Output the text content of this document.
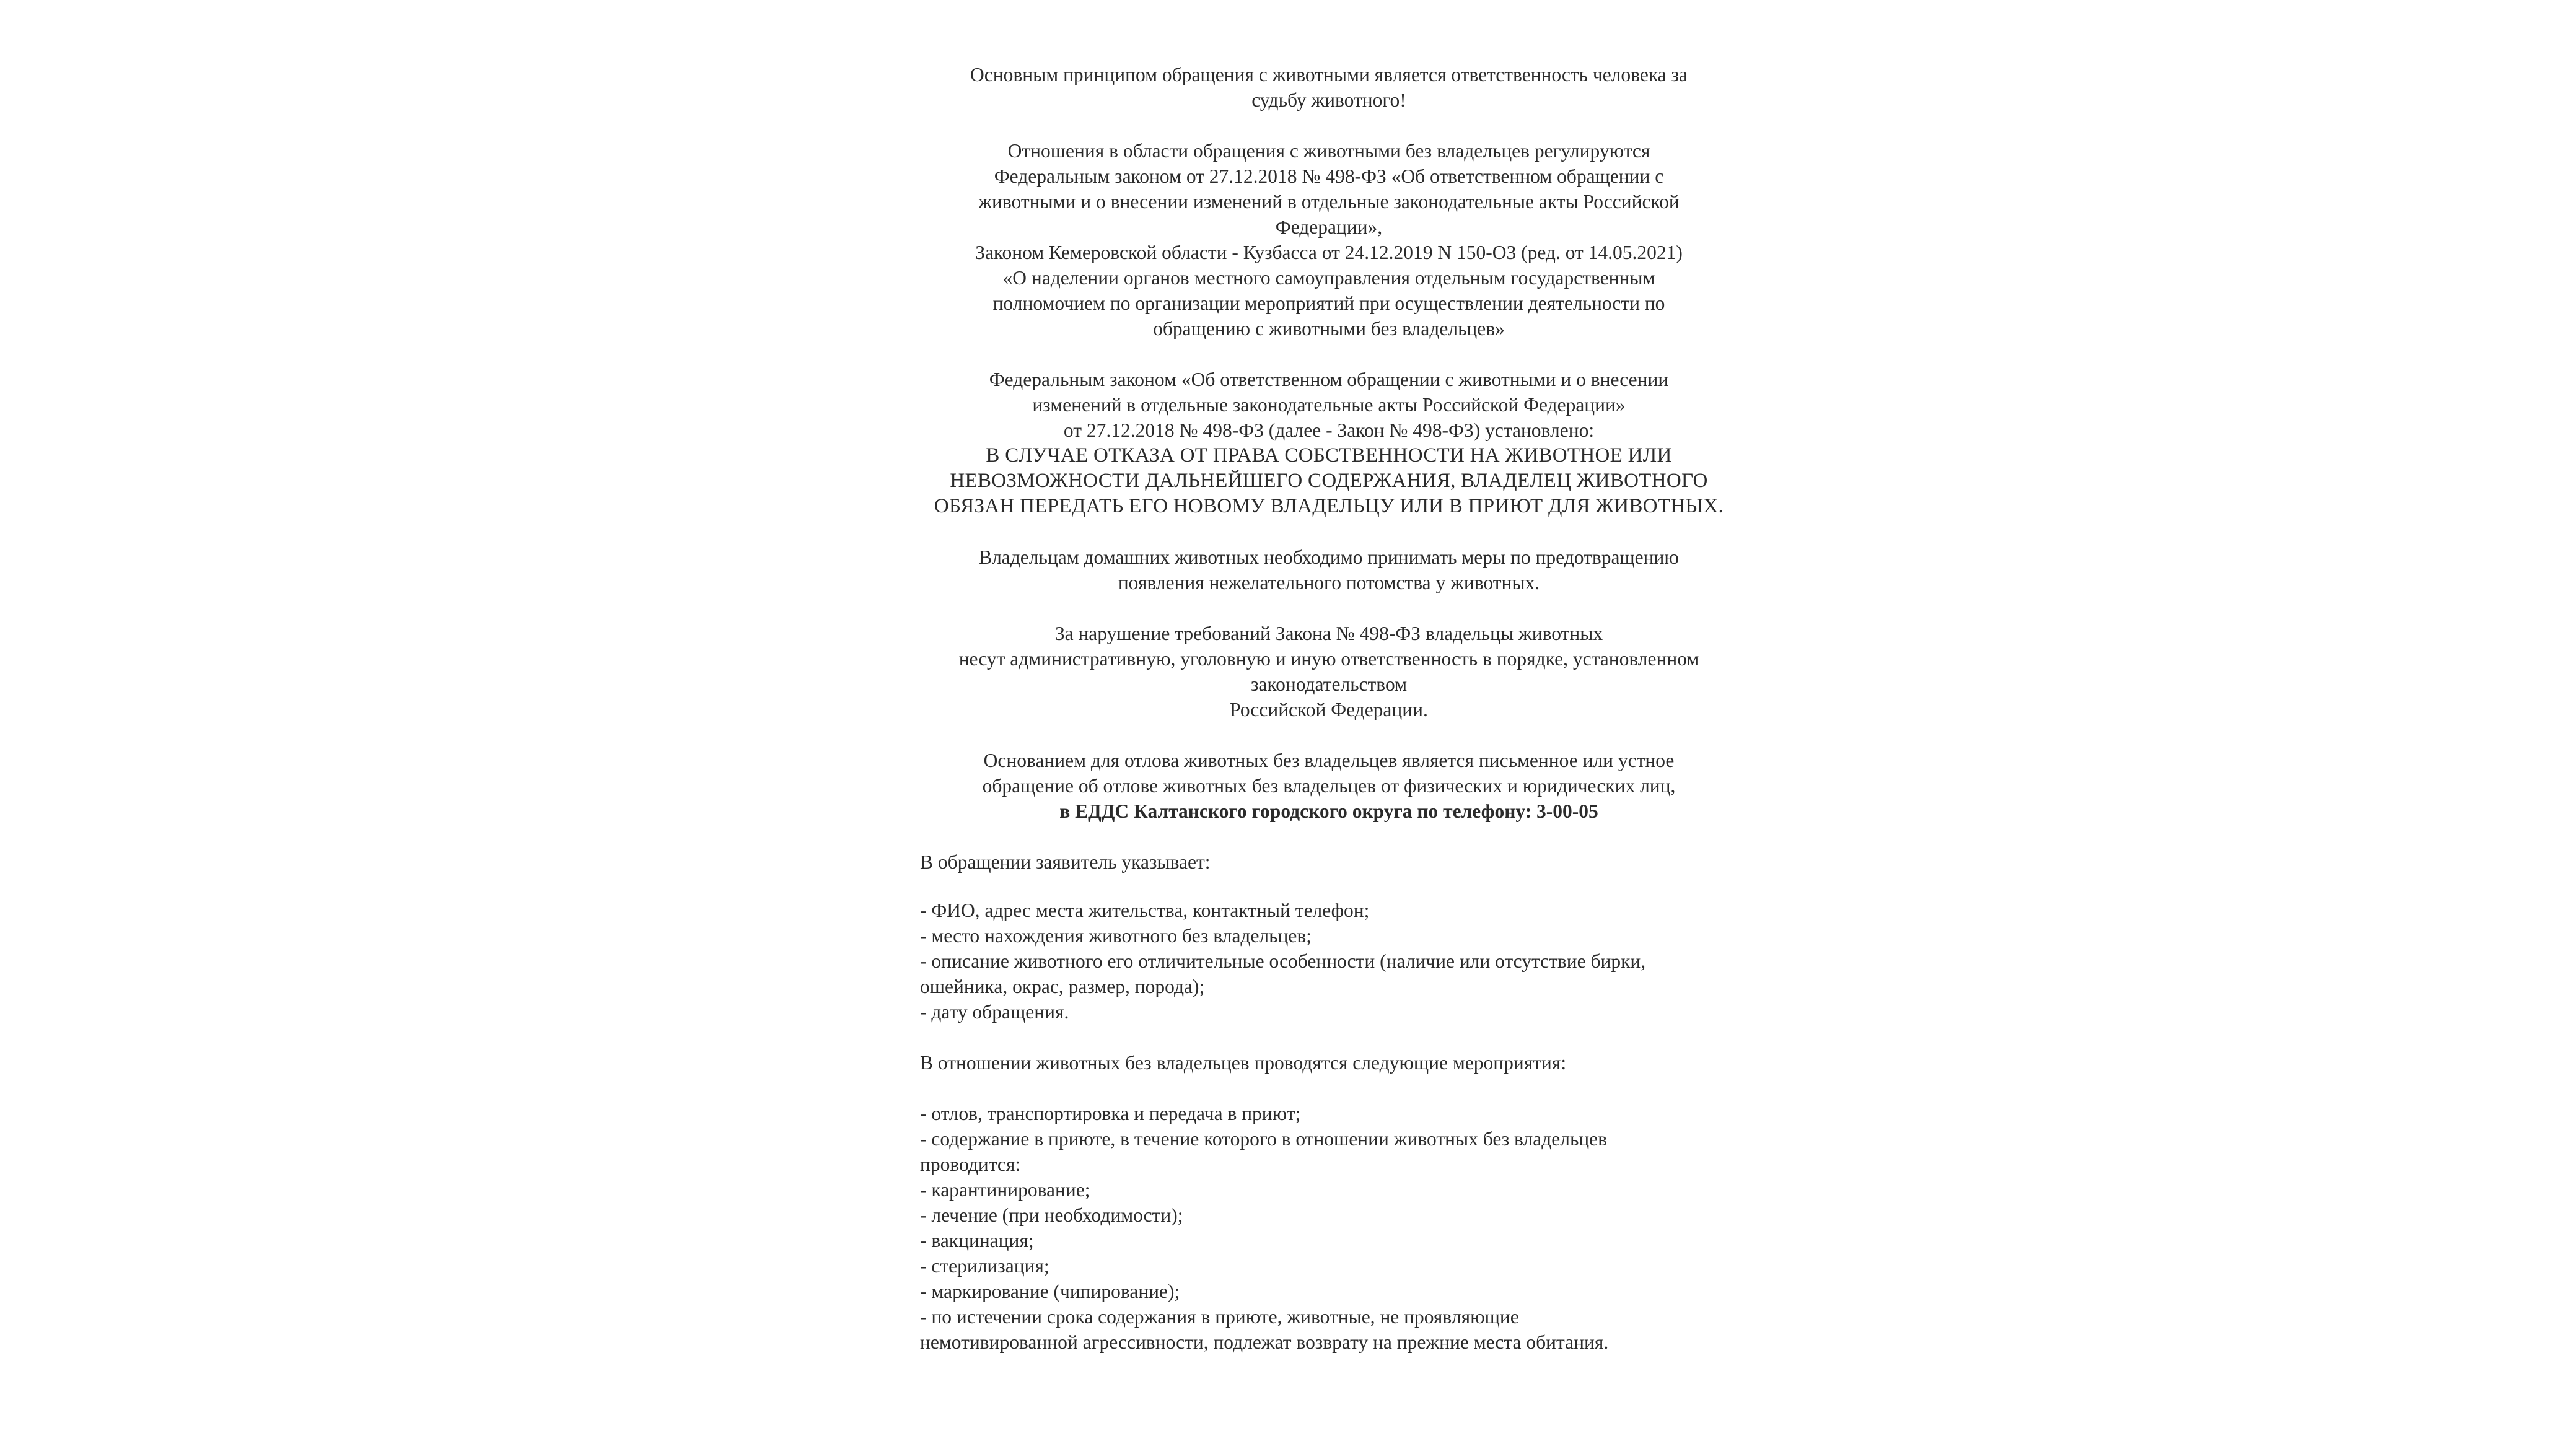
Основным принципом обращения с животными является ответственность человека за
судьбу животного!
Отношения в области обращения с животными без владельцев регулируются
Федеральным законом от 27.12.2018 № 498-ФЗ «Об ответственном обращении с
животными и о внесении изменений в отдельные законодательные акты Российской
Федерации»,
Законом Кемеровской области - Кузбасса от 24.12.2019 N 150-ОЗ (ред. от 14.05.2021)
«О наделении органов местного самоуправления отдельным государственным
полномочием по организации мероприятий при осуществлении деятельности по
обращению с животными без владельцев»
Федеральным законом «Об ответственном обращении с животными и о внесении
изменений в отдельные законодательные акты Российской Федерации»
от 27.12.2018 № 498-ФЗ (далее - Закон № 498-ФЗ) установлено:
В СЛУЧАЕ ОТКАЗА ОТ ПРАВА СОБСТВЕННОСТИ НА ЖИВОТНОЕ ИЛИ
НЕВОЗМОЖНОСТИ ДАЛЬНЕЙШЕГО СОДЕРЖАНИЯ, ВЛАДЕЛЕЦ ЖИВОТНОГО
ОБЯЗАН ПЕРЕДАТЬ ЕГО НОВОМУ ВЛАДЕЛЬЦУ ИЛИ В ПРИЮТ ДЛЯ ЖИВОТНЫХ.
Владельцам домашних животных необходимо принимать меры по предотвращению
появления нежелательного потомства у животных.
За нарушение требований Закона № 498-ФЗ владельцы животных
несут административную, уголовную и иную ответственность в порядке, установленном
законодательством
Российской Федерации.
Основанием для отлова животных без владельцев является письменное или устное
обращение об отлове животных без владельцев от физических и юридических лиц,
в ЕДДС Калтанского городского округа по телефону: 3-00-05
В обращении заявитель указывает:
- ФИО, адрес места жительства, контактный телефон;
- место нахождения животного без владельцев;
- описание животного его отличительные особенности (наличие или отсутствие бирки,
ошейника, окрас, размер, порода);
- дату обращения.
В отношении животных без владельцев проводятся следующие мероприятия:
- отлов, транспортировка и передача в приют;
- содержание в приюте, в течение которого в отношении животных без владельцев
проводится:
- карантинирование;
- лечение (при необходимости);
- вакцинация;
- стерилизация;
- маркирование (чипирование);
- по истечении срока содержания в приюте, животные, не проявляющие
немотивированной агрессивности, подлежат возврату на прежние места обитания.
